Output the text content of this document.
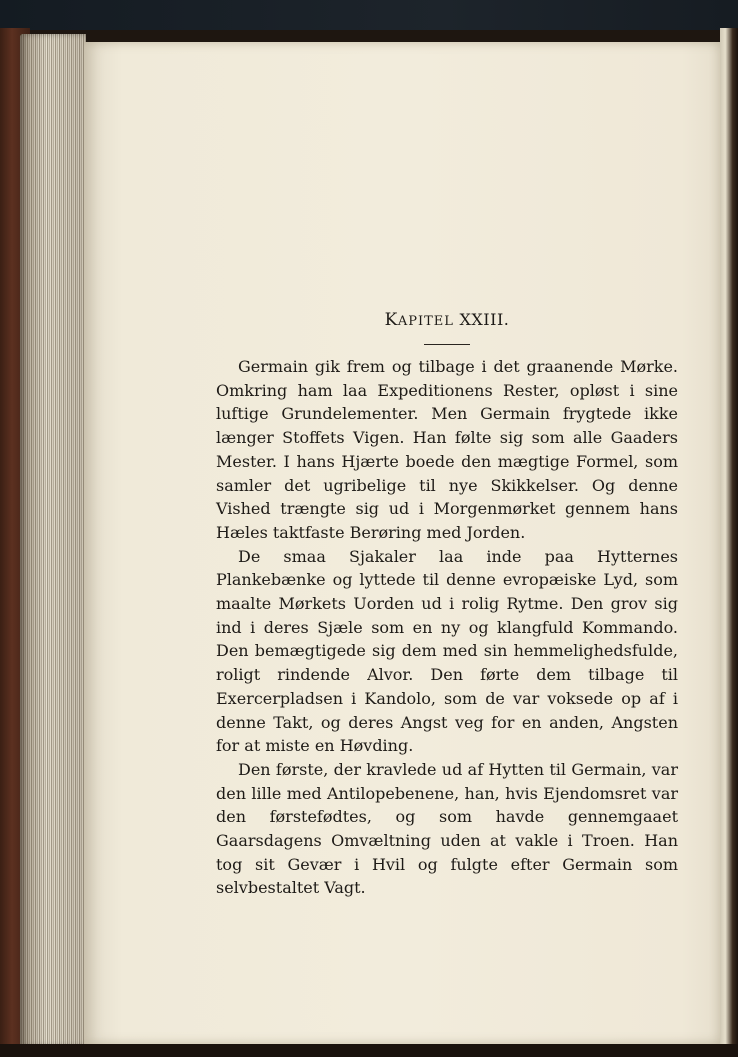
KAPITEL XXIII.

Germain gik frem og tilbage i det graanende Mørke. Omkring ham laa Expeditionens Rester, opløst i sine luftige Grundelementer. Men Germain frygtede ikke længer Stoffets Vigen. Han følte sig som alle Gaaders Mester. I hans Hjærte boede den mægtige Formel, som samler det ugribelige til nye Skikkelser. Og denne Vished trængte sig ud i Morgenmørket gennem hans Hæles taktfaste Berøring med Jorden.

De smaa Sjakaler laa inde paa Hytternes Plankebænke og lyttede til denne evropæiske Lyd, som maalte Mørkets Uorden ud i rolig Rytme. Den grov sig ind i deres Sjæle som en ny og klangfuld Kommando. Den bemægtigede sig dem med sin hemmelighedsfulde, roligt rindende Alvor. Den førte dem tilbage til Exercerpladsen i Kandolo, som de var voksede op af i denne Takt, og deres Angst veg for en anden, Angsten for at miste en Høvding.

Den første, der kravlede ud af Hytten til Germain, var den lille med Antilopebenene, han, hvis Ejendomsret var den førstefødtes, og som havde gennemgaaet Gaarsdagens Omvæltning uden at vakle i Troen. Han tog sit Gevær i Hvil og fulgte efter Germain som selvbestaltet Vagt.
